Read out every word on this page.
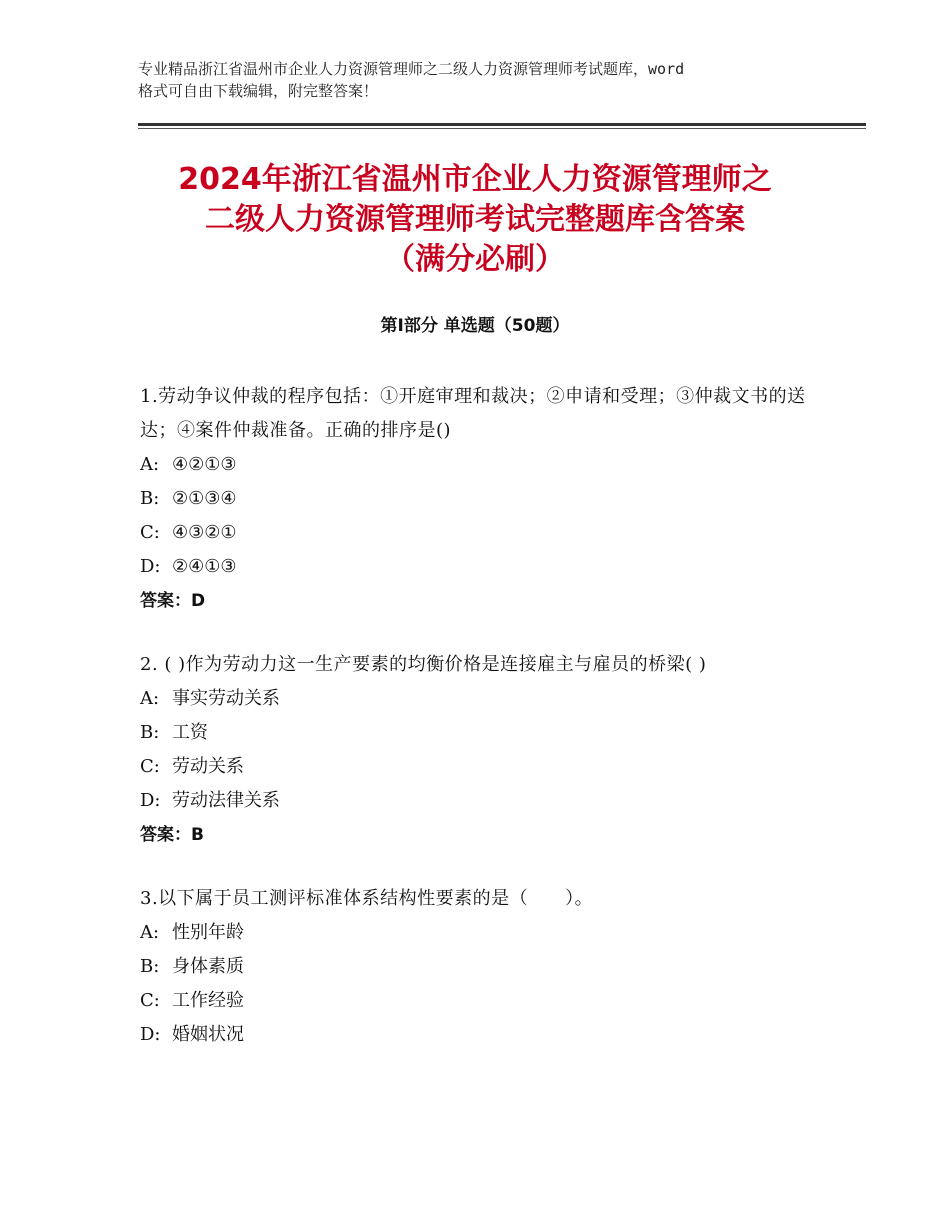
专业精品浙江省温州市企业人力资源管理师之二级人力资源管理师考试题库，word
格式可自由下载编辑，附完整答案！
2024年浙江省温州市企业人力资源管理师之
二级人力资源管理师考试完整题库含答案
（满分必刷）
第Ⅰ部分 单选题（50题）

1.劳动争议仲裁的程序包括：①开庭审理和裁决；②申请和受理；③仲裁文书的送达；④案件仲裁准备。正确的排序是()

A: ④②①③

B: ②①③④

C: ④③②①

D: ②④①③

答案：D

2. ( )作为劳动力这一生产要素的均衡价格是连接雇主与雇员的桥梁( )

A: 事实劳动关系

B: 工资

C: 劳动关系

D: 劳动法律关系

答案：B

3.以下属于员工测评标准体系结构性要素的是（　　）。

A: 性别年龄

B: 身体素质

C: 工作经验

D: 婚姻状况
